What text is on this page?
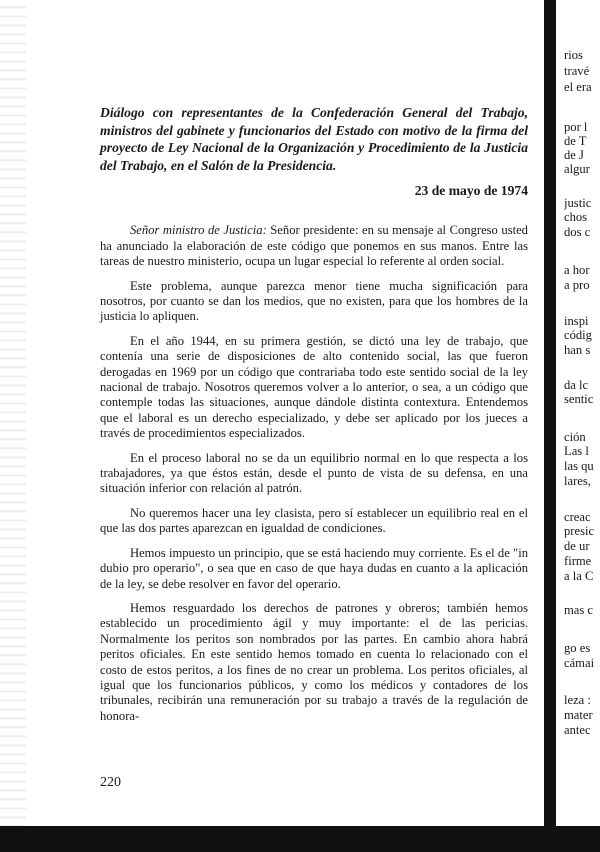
Diálogo con representantes de la Confederación General del Trabajo, ministros del gabinete y funcionarios del Estado con motivo de la firma del proyecto de Ley Nacional de la Organización y Procedimiento de la Justicia del Trabajo, en el Salón de la Presidencia.

23 de mayo de 1974

Señor ministro de Justicia: Señor presidente: en su mensaje al Congreso usted ha anunciado la elaboración de este código que ponemos en sus manos. Entre las tareas de nuestro ministerio, ocupa un lugar especial lo referente al orden social.

Este problema, aunque parezca menor tiene mucha significación para nosotros, por cuanto se dan los medios, que no existen, para que los hombres de la justicia lo apliquen.

En el año 1944, en su primera gestión, se dictó una ley de trabajo, que contenía una serie de disposiciones de alto contenido social, las que fueron derogadas en 1969 por un código que contrariaba todo este sentido social de la ley nacional de trabajo. Nosotros queremos volver a lo anterior, o sea, a un código que contemple todas las situaciones, aunque dándole distinta contextura. Entendemos que el laboral es un derecho especializado, y debe ser aplicado por los jueces a través de procedimientos especializados.

En el proceso laboral no se da un equilibrio normal en lo que respecta a los trabajadores, ya que éstos están, desde el punto de vista de su defensa, en una situación inferior con relación al patrón.

No queremos hacer una ley clasista, pero sí establecer un equilibrio real en el que las dos partes aparezcan en igualdad de condiciones.

Hemos impuesto un principio, que se está haciendo muy corriente. Es el de "in dubio pro operario", o sea que en caso de que haya dudas en cuanto a la aplicación de la ley, se debe resolver en favor del operario.

Hemos resguardado los derechos de patrones y obreros; también hemos establecido un procedimiento ágil y muy importante: el de las pericias. Normalmente los peritos son nombrados por las partes. En cambio ahora habrá peritos oficiales. En este sentido hemos tomado en cuenta lo relacionado con el costo de estos peritos, a los fines de no crear un problema. Los peritos oficiales, al igual que los funcionarios públicos, y como los médicos y contadores de los tribunales, recibirán una remuneración por su trabajo a través de la regulación de honora-

220
rios
travé
el era
por l
de T
de J
algur
justic
chos
dos c
a hor
a pro
inspi
códig
han s
da lc
sentic
ción
Las l
las qu
lares,
creac
presic
de ur
firme
a la C
mas c
go es
cámai
leza :
mater
antec
